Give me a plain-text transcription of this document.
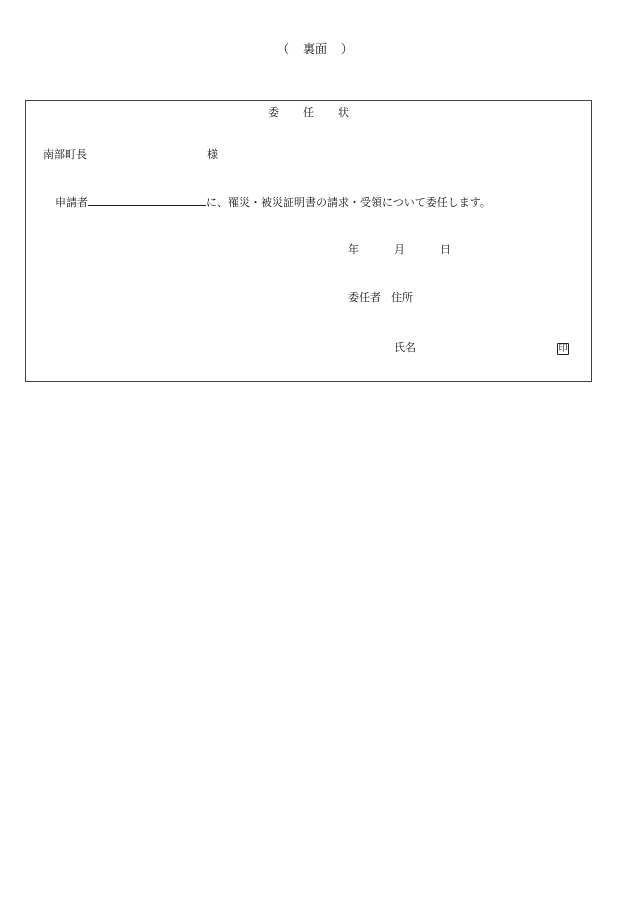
（ 裏面 ）
委 任 状
南部町長	様
申請者	に、罹災・被災証明書の請求・受領について委任します。
年	月	日
委任者 住所
氏名	印
